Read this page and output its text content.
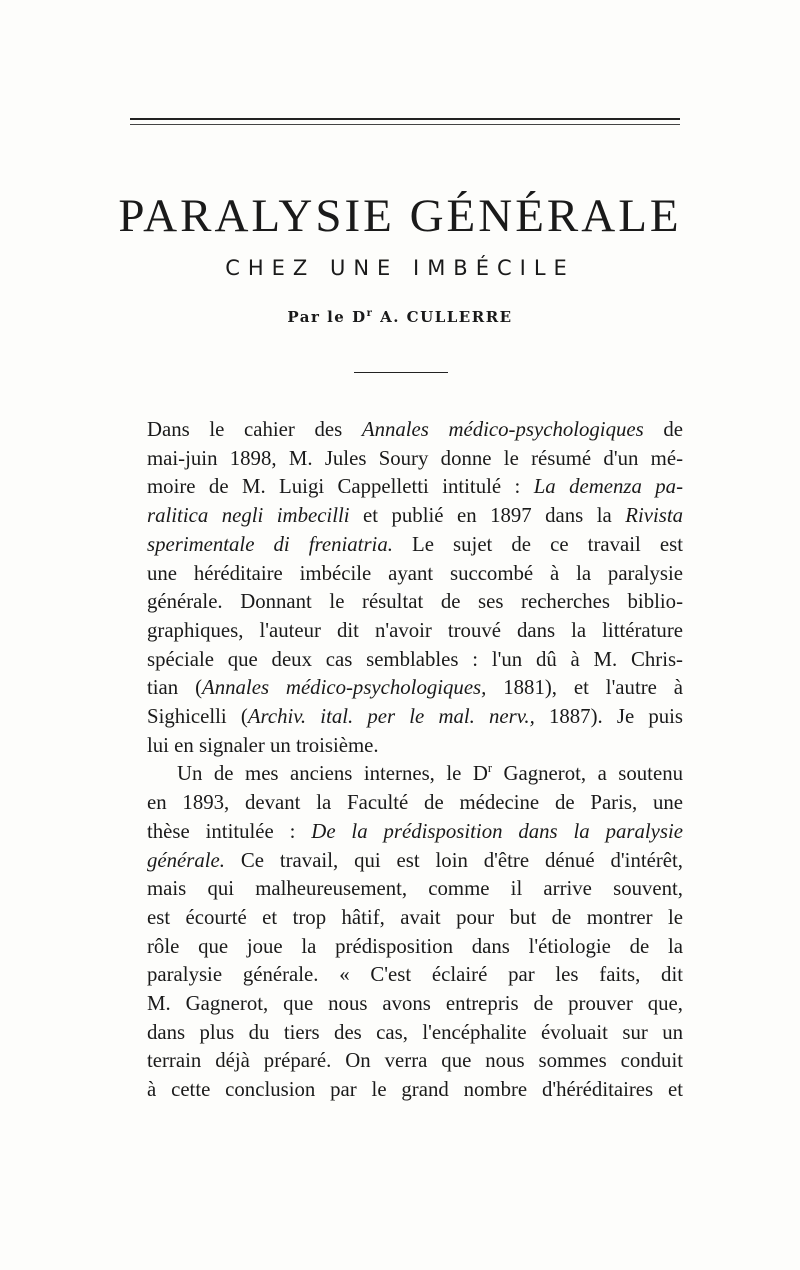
PARALYSIE GÉNÉRALE
CHEZ UNE IMBÉCILE
Par le $D^r$ A. CULLERRE
Dans le cahier des Annales médico-psychologiques de
mai-juin 1898, M. Jules Soury donne le résumé d'un mé-
moire de M. Luigi Cappelletti intitulé : La demenza pa-
ralitica negli imbecilli et publié en 1897 dans la Rivista
sperimentale di freniatria. Le sujet de ce travail est
une héréditaire imbécile ayant succombé à la paralysie
générale. Donnant le résultat de ses recherches biblio-
graphiques, l'auteur dit n'avoir trouvé dans la littérature
spéciale que deux cas semblables : l'un dû à M. Chris-
tian (Annales médico-psychologiques, 1881), et l'autre à
Sighicelli (Archiv. ital. per le mal. nerv., 1887). Je puis
lui en signaler un troisième.
Un de mes anciens internes, le $D^r$ Gagnerot, a soutenu
en 1893, devant la Faculté de médecine de Paris, une
thèse intitulée : De la prédisposition dans la paralysie
générale. Ce travail, qui est loin d'être dénué d'intérêt,
mais qui malheureusement, comme il arrive souvent,
est écourté et trop hâtif, avait pour but de montrer le
rôle que joue la prédisposition dans l'étiologie de la
paralysie générale. « C'est éclairé par les faits, dit
M. Gagnerot, que nous avons entrepris de prouver que,
dans plus du tiers des cas, l'encéphalite évoluait sur un
terrain déjà préparé. On verra que nous sommes conduit
à cette conclusion par le grand nombre d'héréditaires et
